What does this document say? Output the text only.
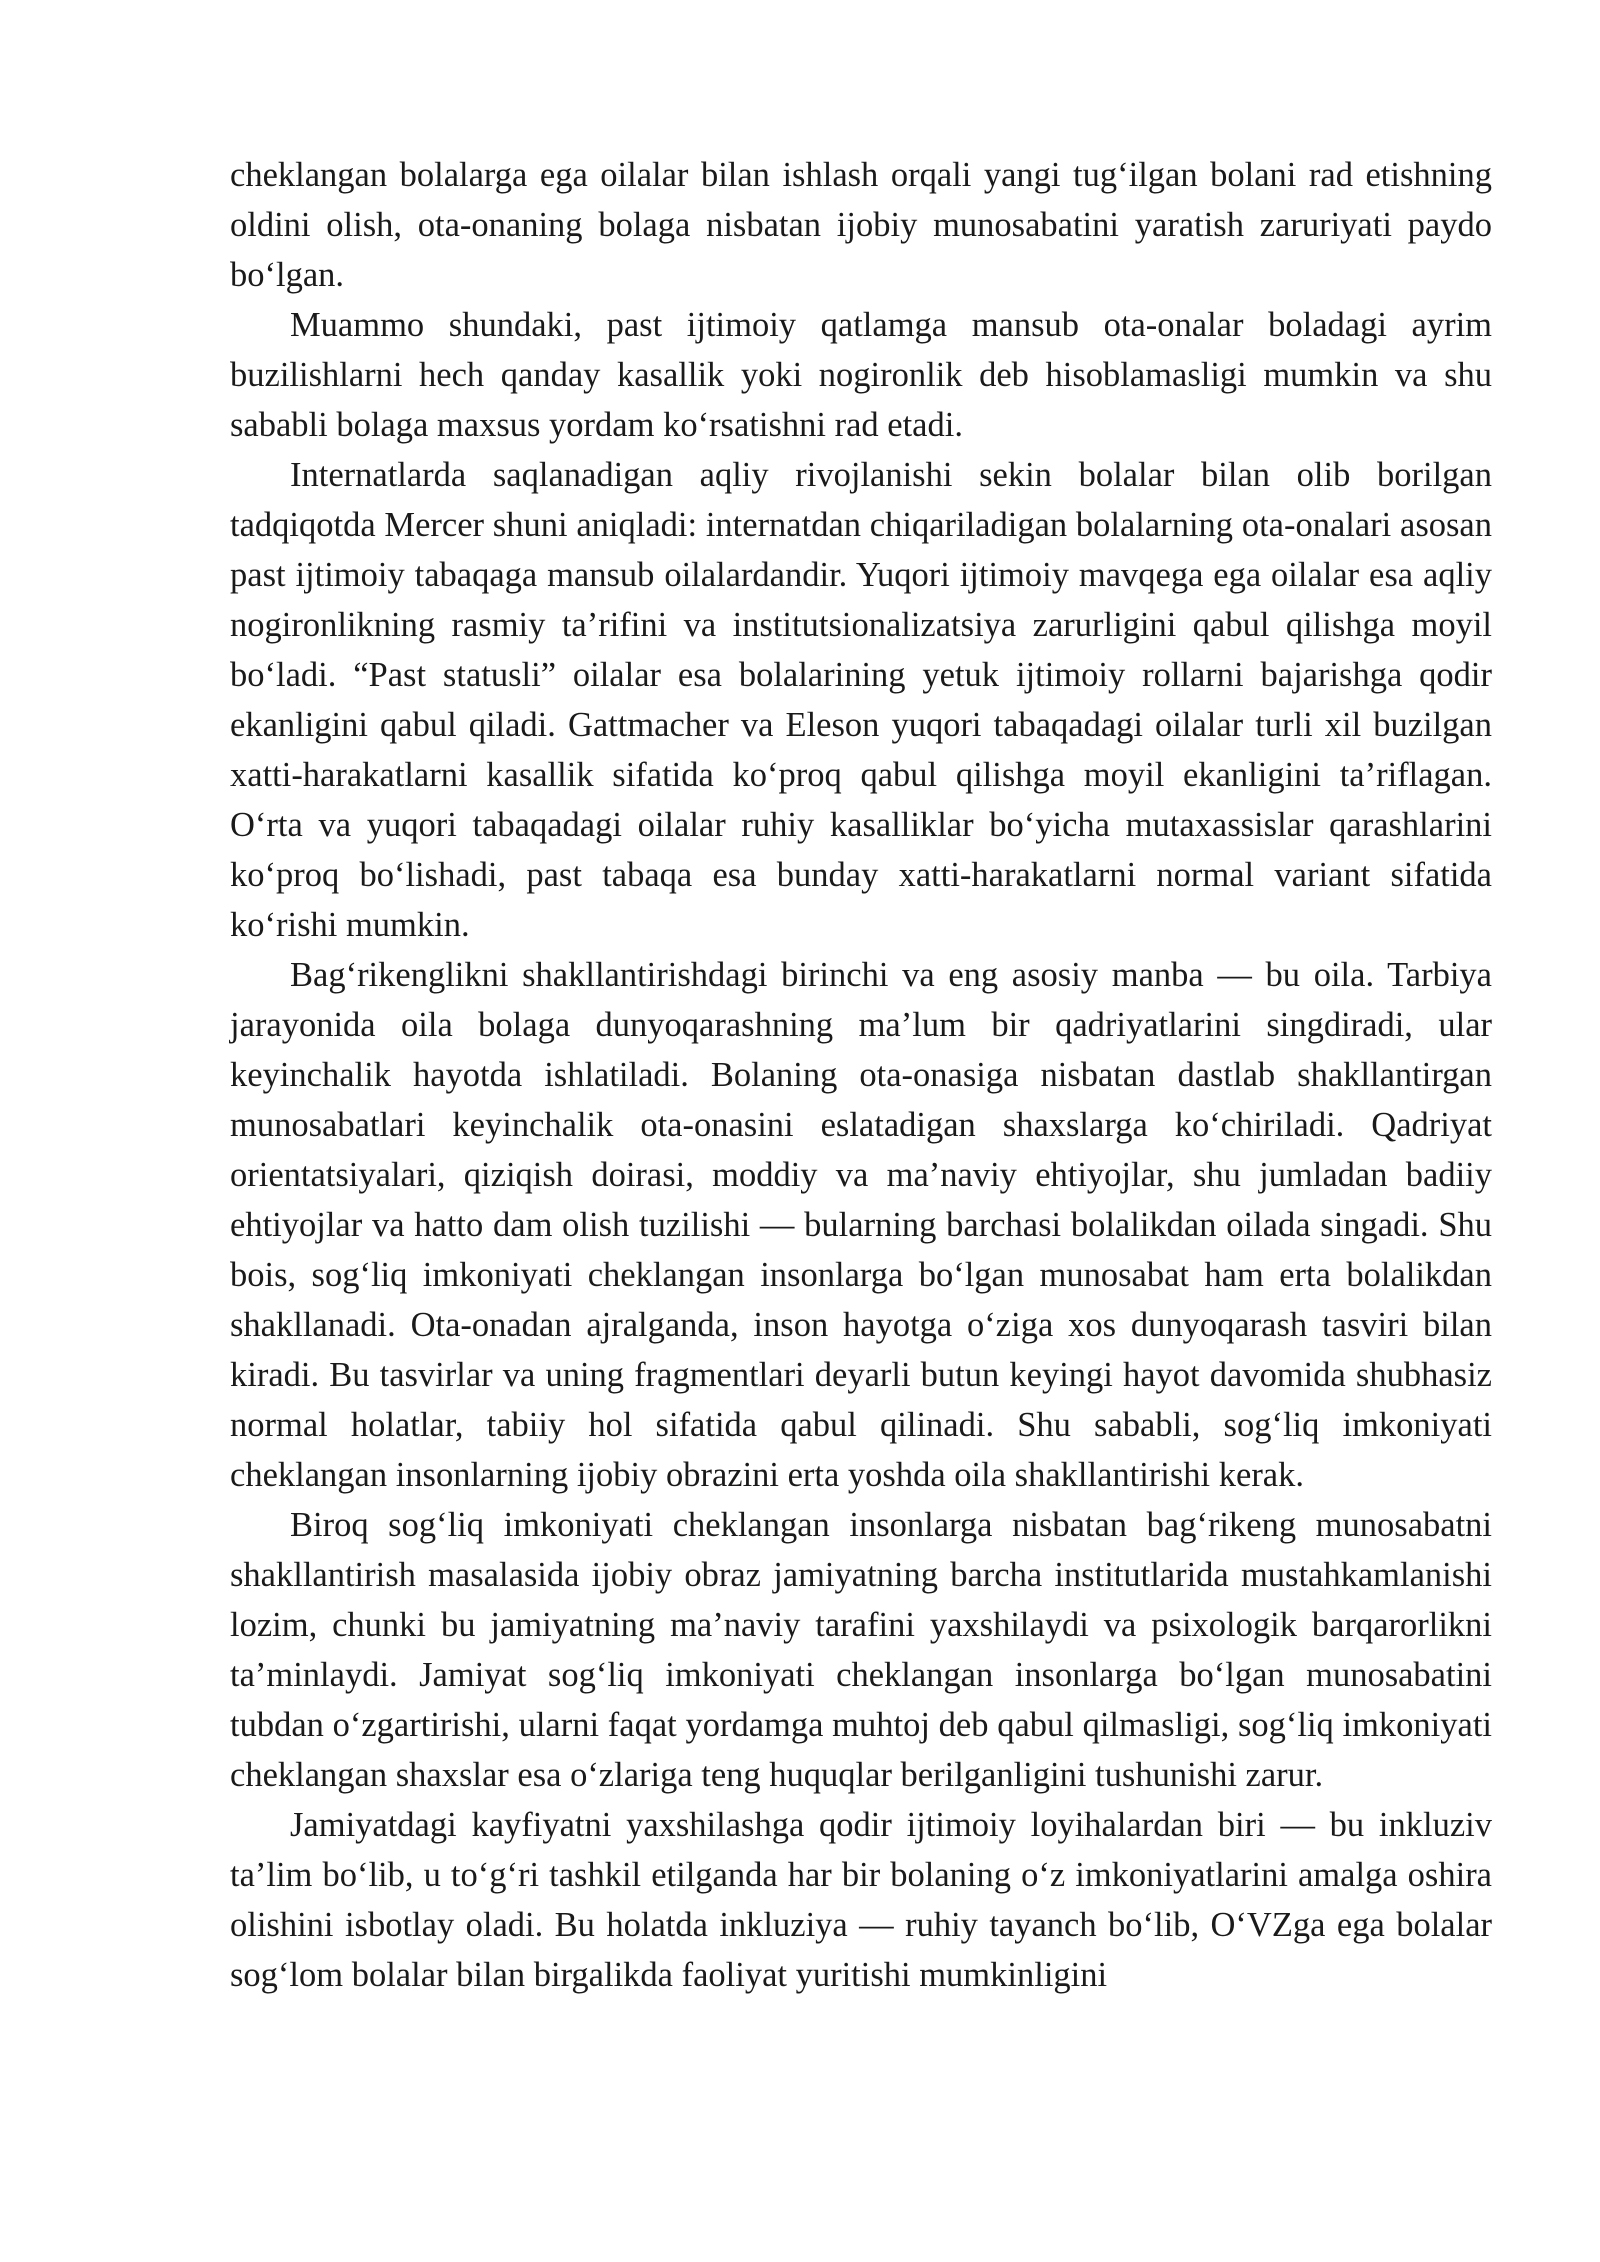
cheklangan bolalarga ega oilalar bilan ishlash orqali yangi tug‘ilgan bolani rad etishning oldini olish, ota-onaning bolaga nisbatan ijobiy munosabatini yaratish zaruriyati paydo bo‘lgan.

Muammo shundaki, past ijtimoiy qatlamga mansub ota-onalar boladagi ayrim buzilishlarni hech qanday kasallik yoki nogironlik deb hisoblamasligi mumkin va shu sababli bolaga maxsus yordam ko‘rsatishni rad etadi.

Internatlarda saqlanadigan aqliy rivojlanishi sekin bolalar bilan olib borilgan tadqiqotda Mercer shuni aniqladi: internatdan chiqariladigan bolalarning ota-onalari asosan past ijtimoiy tabaqaga mansub oilalardandir. Yuqori ijtimoiy mavqega ega oilalar esa aqliy nogironlikning rasmiy ta’rifini va institutsionalizatsiya zarurligini qabul qilishga moyil bo‘ladi. “Past statusli” oilalar esa bolalarining yetuk ijtimoiy rollarni bajarishga qodir ekanligini qabul qiladi. Gattmacher va Eleson yuqori tabaqadagi oilalar turli xil buzilgan xatti-harakatlarni kasallik sifatida ko‘proq qabul qilishga moyil ekanligini ta’riflagan. O‘rta va yuqori tabaqadagi oilalar ruhiy kasalliklar bo‘yicha mutaxassislar qarashlarini ko‘proq bo‘lishadi, past tabaqa esa bunday xatti-harakatlarni normal variant sifatida ko‘rishi mumkin.

Bag‘rikenglikni shakllantirishdagi birinchi va eng asosiy manba — bu oila. Tarbiya jarayonida oila bolaga dunyoqarashning ma’lum bir qadriyatlarini singdiradi, ular keyinchalik hayotda ishlatiladi. Bolaning ota-onasiga nisbatan dastlab shakllantirgan munosabatlari keyinchalik ota-onasini eslatadigan shaxslarga ko‘chiriladi. Qadriyat orientatsiyalari, qiziqish doirasi, moddiy va ma’naviy ehtiyojlar, shu jumladan badiiy ehtiyojlar va hatto dam olish tuzilishi — bularning barchasi bolalikdan oilada singadi. Shu bois, sog‘liq imkoniyati cheklangan insonlarga bo‘lgan munosabat ham erta bolalikdan shakllanadi. Ota-onadan ajralganda, inson hayotga o‘ziga xos dunyoqarash tasviri bilan kiradi. Bu tasvirlar va uning fragmentlari deyarli butun keyingi hayot davomida shubhasiz normal holatlar, tabiiy hol sifatida qabul qilinadi. Shu sababli, sog‘liq imkoniyati cheklangan insonlarning ijobiy obrazini erta yoshda oila shakllantirishi kerak.

Biroq sog‘liq imkoniyati cheklangan insonlarga nisbatan bag‘rikeng munosabatni shakllantirish masalasida ijobiy obraz jamiyatning barcha institutlarida mustahkamlanishi lozim, chunki bu jamiyatning ma’naviy tarafini yaxshilaydi va psixologik barqarorlikni ta’minlaydi. Jamiyat sog‘liq imkoniyati cheklangan insonlarga bo‘lgan munosabatini tubdan o‘zgartirishi, ularni faqat yordamga muhtoj deb qabul qilmasligi, sog‘liq imkoniyati cheklangan shaxslar esa o‘zlariga teng huquqlar berilganligini tushunishi zarur.

Jamiyatdagi kayfiyatni yaxshilashga qodir ijtimoiy loyihalardan biri — bu inkluziv ta’lim bo‘lib, u to‘g‘ri tashkil etilganda har bir bolaning o‘z imkoniyatlarini amalga oshira olishini isbotlay oladi. Bu holatda inkluziya — ruhiy tayanch bo‘lib, O‘VZga ega bolalar sog‘lom bolalar bilan birgalikda faoliyat yuritishi mumkinligini
